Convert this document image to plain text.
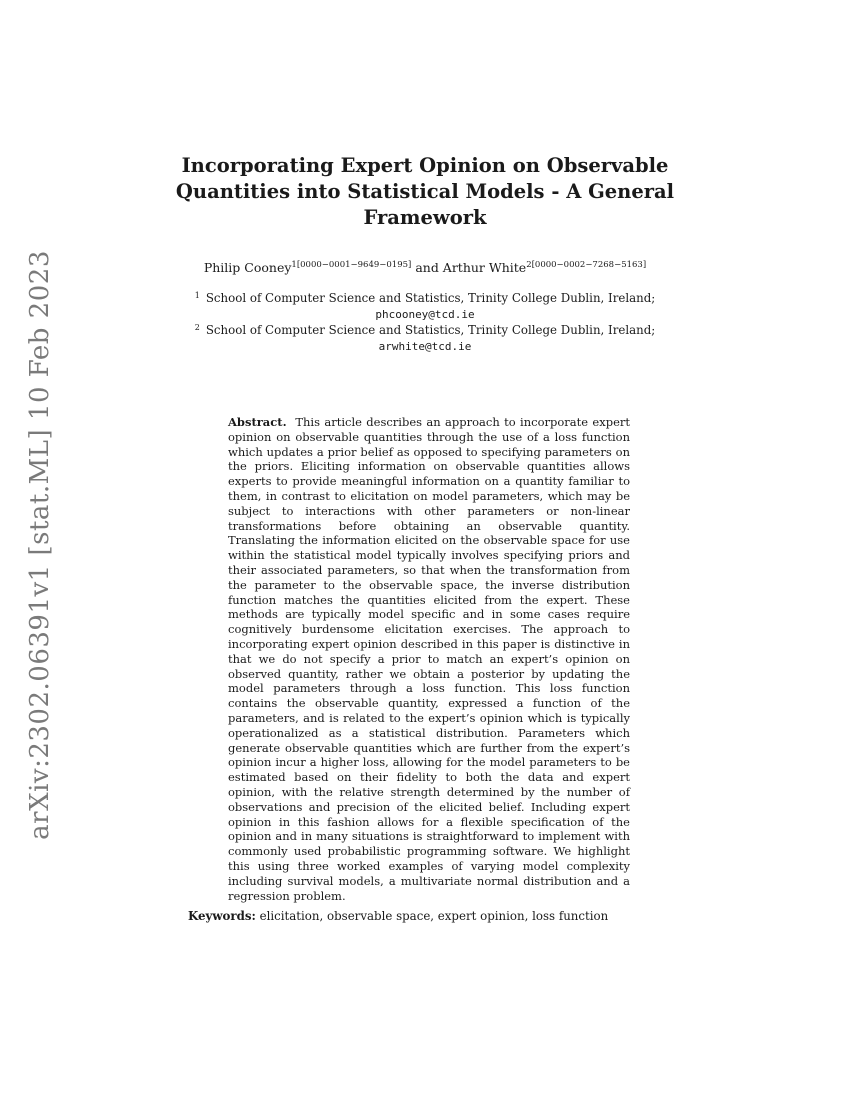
arXiv:2302.06391v1 [stat.ML] 10 Feb 2023
Incorporating Expert Opinion on Observable Quantities into Statistical Models - A General Framework
Philip Cooney$^{1[0000-0001-9649-0195]}$ and Arthur White$^{2[0000-0002-7268-5163]}$
$^1$ School of Computer Science and Statistics, Trinity College Dublin, Ireland;
phcooney@tcd.ie
$^2$ School of Computer Science and Statistics, Trinity College Dublin, Ireland;
arwhite@tcd.ie

Abstract. This article describes an approach to incorporate expert opinion on observable quantities through the use of a loss function which updates a prior belief as opposed to specifying parameters on the priors. Eliciting information on observable quantities allows experts to provide meaningful information on a quantity familiar to them, in contrast to elicitation on model parameters, which may be subject to interactions with other parameters or non-linear transformations before obtaining an observable quantity. Translating the information elicited on the observable space for use within the statistical model typically involves specifying priors and their associated parameters, so that when the transformation from the parameter to the observable space, the inverse distribution function matches the quantities elicited from the expert. These methods are typically model specific and in some cases require cognitively burdensome elicitation exercises. The approach to incorporating expert opinion described in this paper is distinctive in that we do not specify a prior to match an expert’s opinion on observed quantity, rather we obtain a posterior by updating the model parameters through a loss function. This loss function contains the observable quantity, expressed a function of the parameters, and is related to the expert’s opinion which is typically operationalized as a statistical distribution. Parameters which generate observable quantities which are further from the expert’s opinion incur a higher loss, allowing for the model parameters to be estimated based on their fidelity to both the data and expert opinion, with the relative strength determined by the number of observations and precision of the elicited belief. Including expert opinion in this fashion allows for a flexible specification of the opinion and in many situations is straightforward to implement with commonly used probabilistic programming software. We highlight this using three worked examples of varying model complexity including survival models, a multivariate normal distribution and a regression problem.

Keywords: elicitation, observable space, expert opinion, loss function
